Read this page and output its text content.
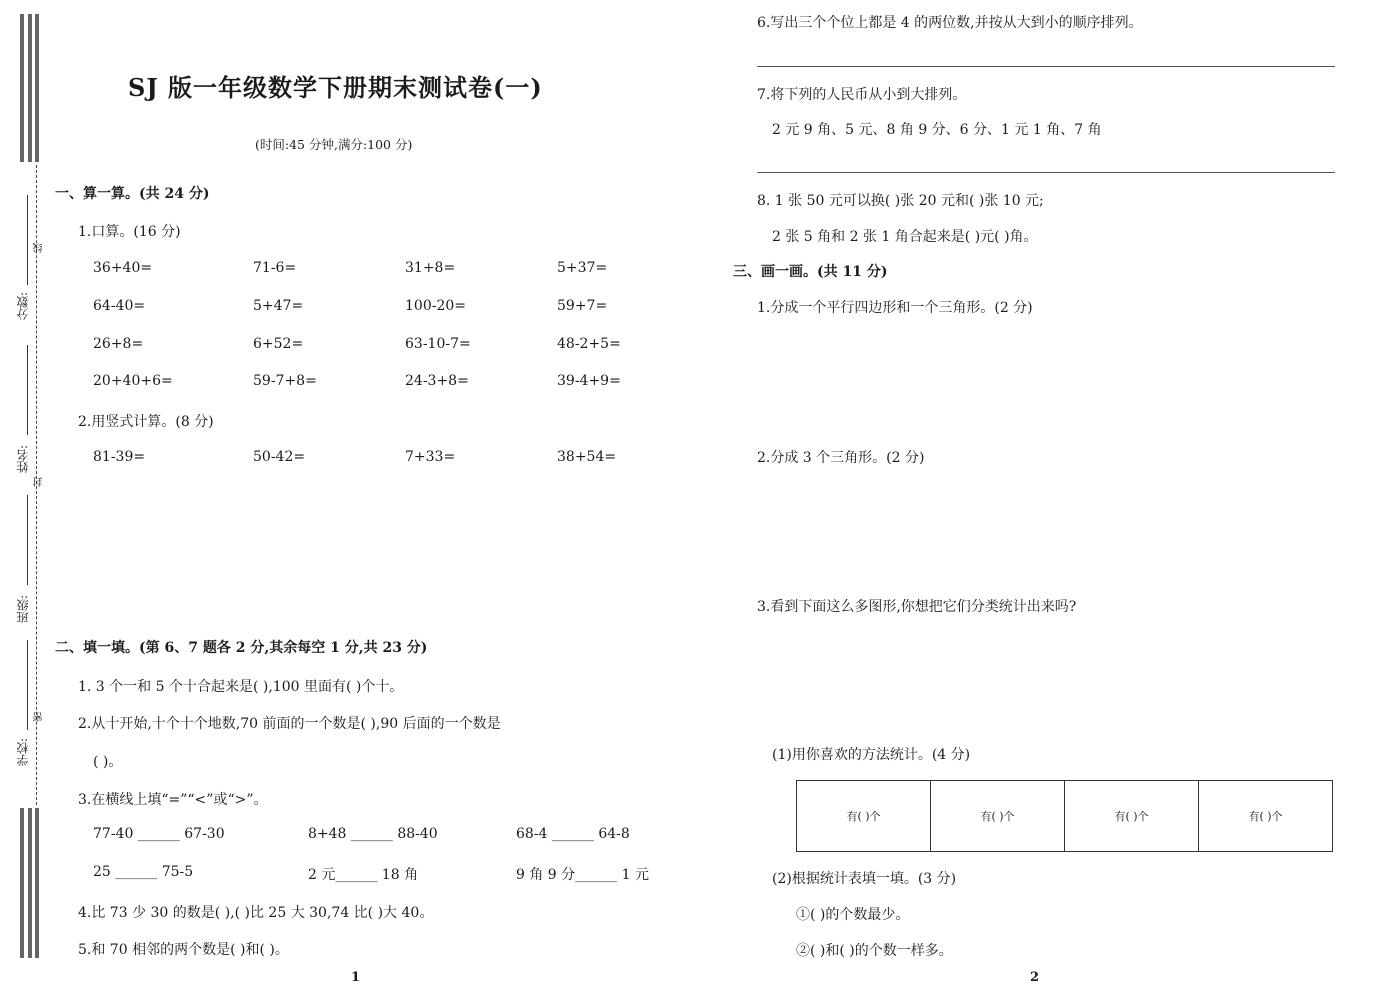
分数:
姓名:
班级:
学校:
线
封
密
SJ 版一年级数学下册期末测试卷(一)
(时间:45 分钟,满分:100 分)
一、算一算。(共 24 分)
1.口算。(16 分)
36+40=	71-6=	31+8=	5+37=
64-40=	5+47=	100-20=	59+7=
26+8=	6+52=	63-10-7=	48-2+5=
20+40+6=	59-7+8=	24-3+8=	39-4+9=
2.用竖式计算。(8 分)
81-39=	50-42=	7+33=	38+54=
二、填一填。(第 6、7 题各 2 分,其余每空 1 分,共 23 分)
1. 3 个一和 5 个十合起来是( ),100 里面有( )个十。
2.从十开始,十个十个地数,70 前面的一个数是( ),90 后面的一个数是
( )。
3.在横线上填“=”“<”或“>”。
77-40 ______ 67-30	8+48 ______ 88-40	68-4 ______ 64-8
25 ______ 75-5	2 元______ 18 角	9 角 9 分______ 1 元
4.比 73 少 30 的数是( ),( )比 25 大 30,74 比( )大 40。
5.和 70 相邻的两个数是( )和( )。
1
6.写出三个个位上都是 4 的两位数,并按从大到小的顺序排列。
7.将下列的人民币从小到大排列。
2 元 9 角、5 元、8 角 9 分、6 分、1 元 1 角、7 角
8. 1 张 50 元可以换( )张 20 元和( )张 10 元;
2 张 5 角和 2 张 1 角合起来是( )元( )角。
三、画一画。(共 11 分)
1.分成一个平行四边形和一个三角形。(2 分)
2.分成 3 个三角形。(2 分)
3.看到下面这么多图形,你想把它们分类统计出来吗?
(1)用你喜欢的方法统计。(4 分)
有( )个	有( )个	有( )个	有( )个
(2)根据统计表填一填。(3 分)
①( )的个数最少。
②( )和( )的个数一样多。
2
